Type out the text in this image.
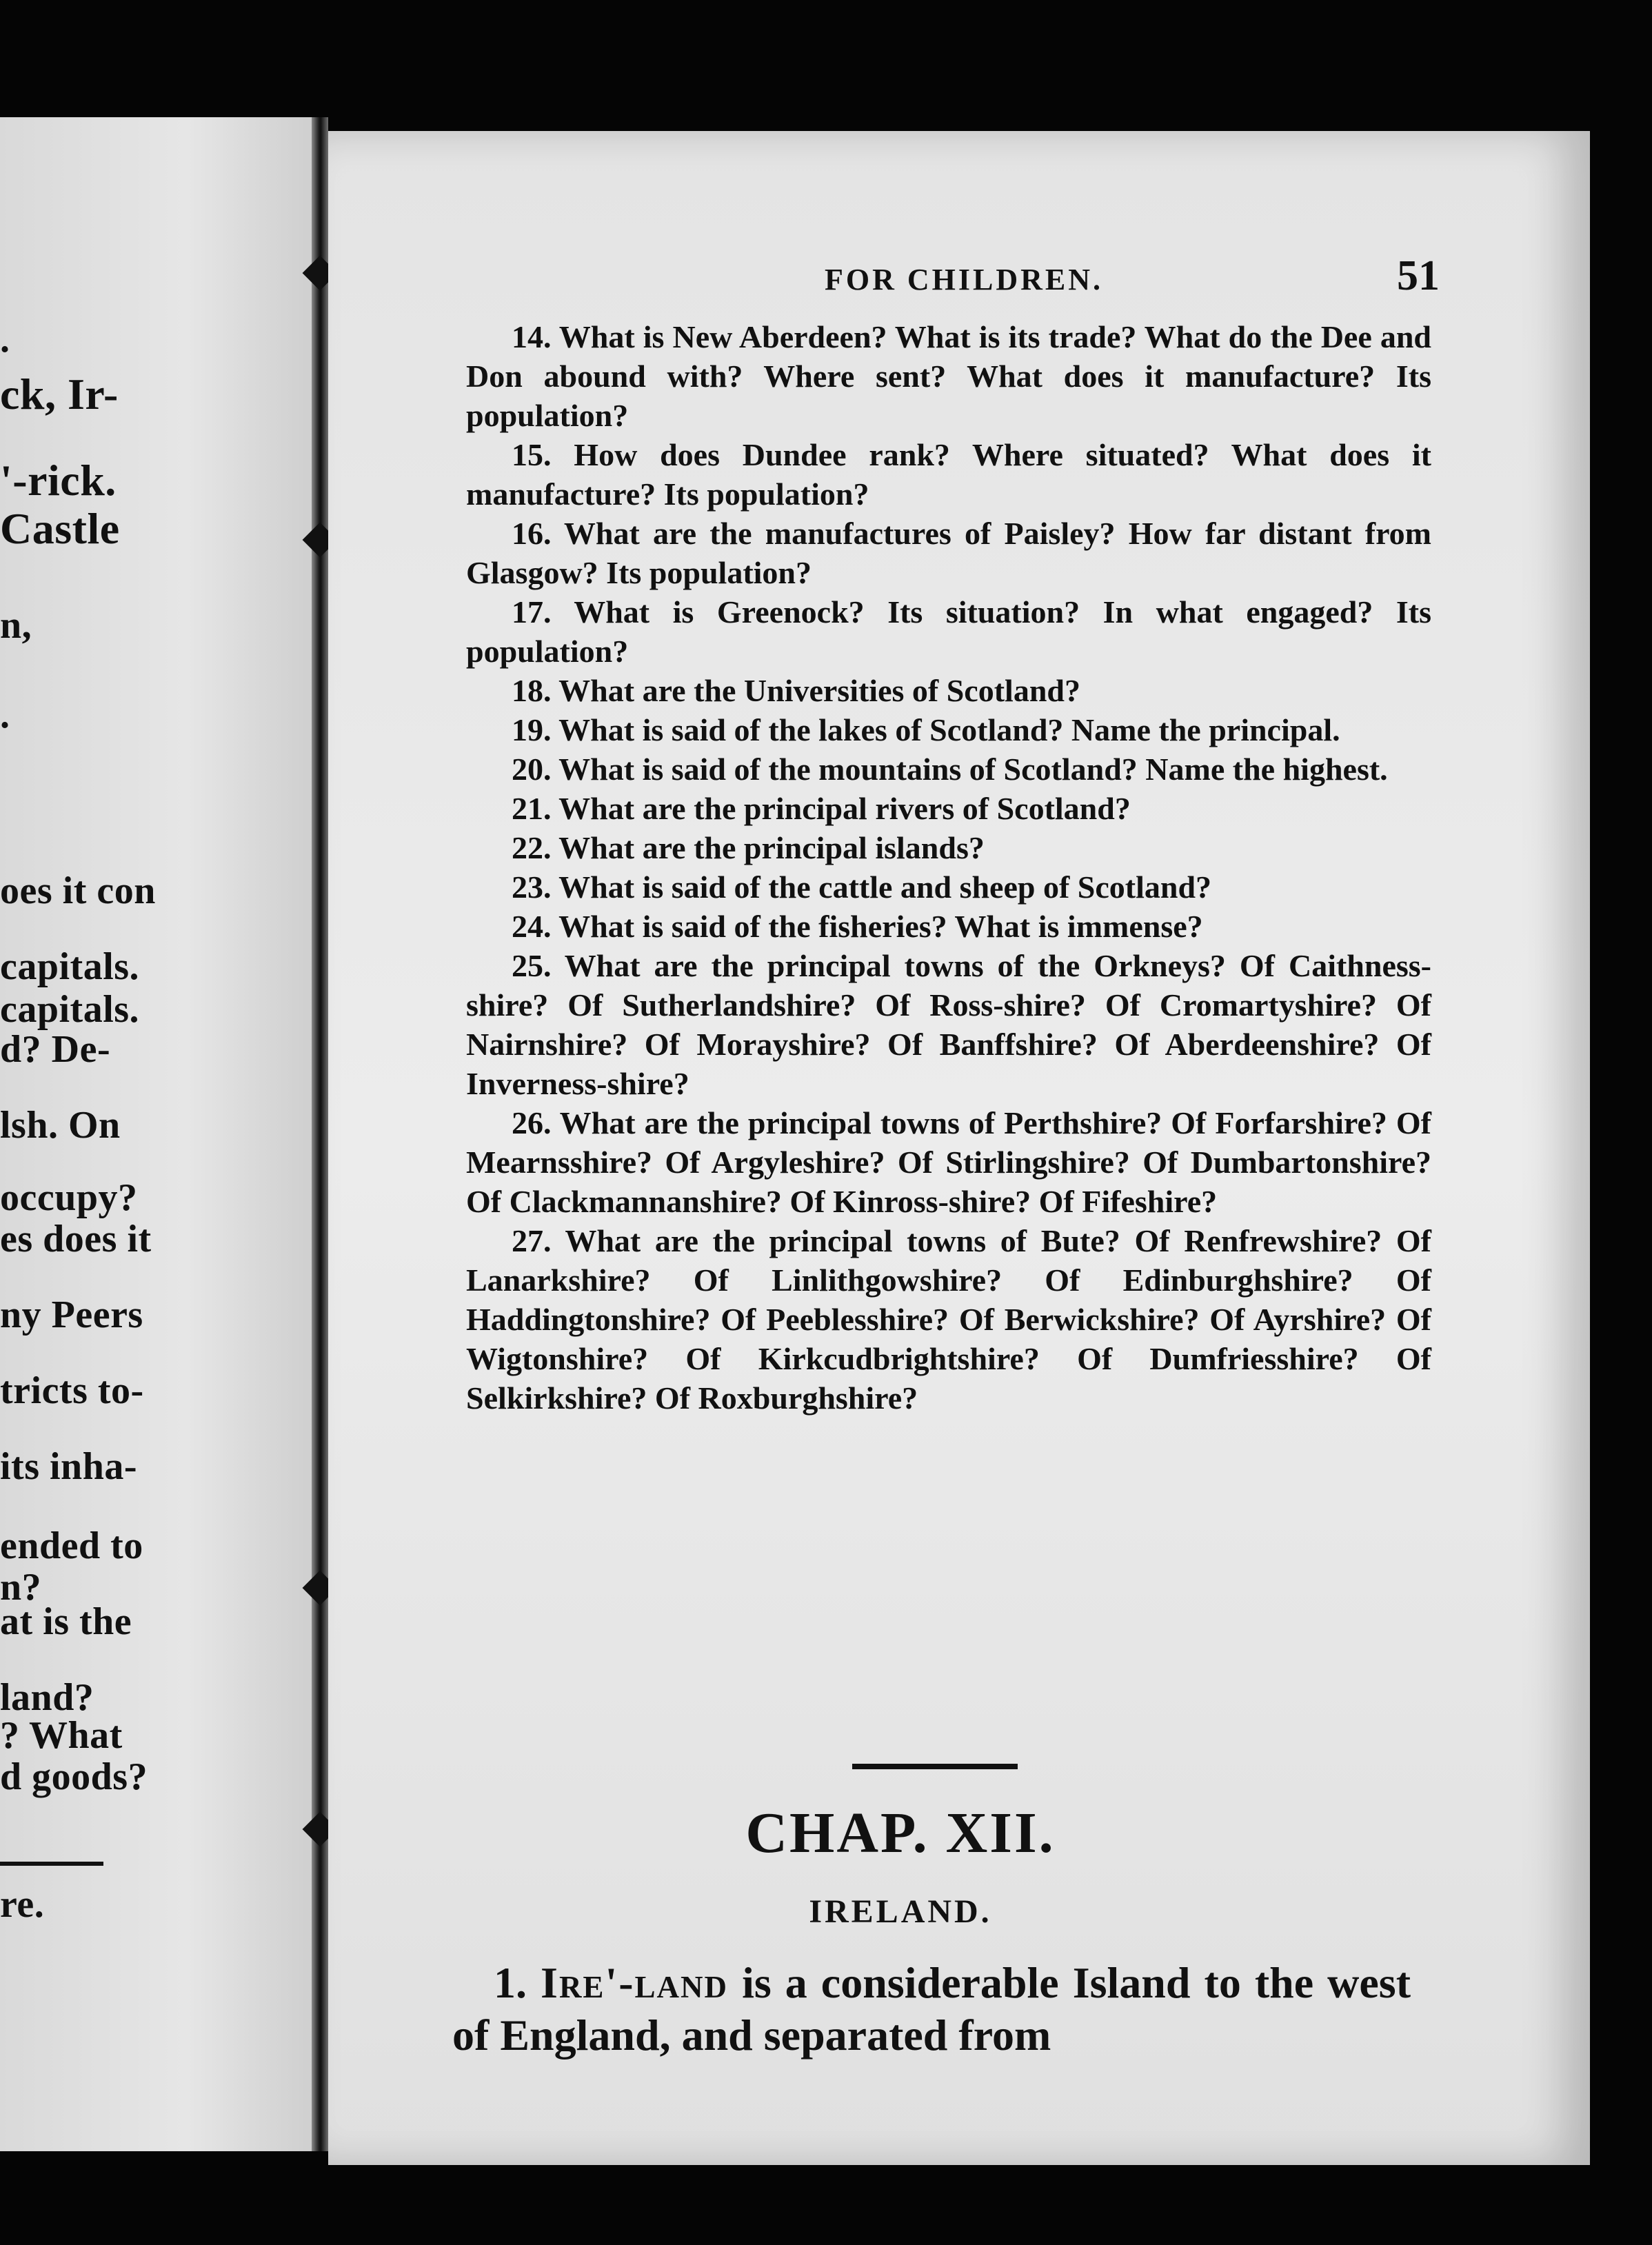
.
ck, Ir-
'-rick.
Castle
n,
.
oes it con
capitals.
capitals.
d? De-
lsh. On
occupy?
es does it
ny Peers
tricts to-
its inha-
ended to
n?
at is the
land?
? What
d goods?
re.
FOR CHILDREN.	51

14. What is New Aberdeen? What is its trade? What do the Dee and Don abound with? Where sent? What does it manufacture? Its population?

15. How does Dundee rank? Where situated? What does it manufacture? Its population?

16. What are the manufactures of Paisley? How far distant from Glasgow? Its population?

17. What is Greenock? Its situation? In what engaged? Its population?

18. What are the Universities of Scotland?

19. What is said of the lakes of Scotland? Name the principal.

20. What is said of the mountains of Scotland? Name the highest.

21. What are the principal rivers of Scotland?

22. What are the principal islands?

23. What is said of the cattle and sheep of Scotland?

24. What is said of the fisheries? What is immense?

25. What are the principal towns of the Orkneys? Of Caithness-shire? Of Sutherlandshire? Of Ross-shire? Of Cromartyshire? Of Nairnshire? Of Morayshire? Of Banffshire? Of Aberdeenshire? Of Inverness-shire?

26. What are the principal towns of Perthshire? Of Forfarshire? Of Mearnsshire? Of Argyleshire? Of Stirlingshire? Of Dumbartonshire? Of Clackmannanshire? Of Kinross-shire? Of Fifeshire?

27. What are the principal towns of Bute? Of Renfrewshire? Of Lanarkshire? Of Linlithgowshire? Of Edinburghshire? Of Haddingtonshire? Of Peeblesshire? Of Berwickshire? Of Ayrshire? Of Wigtonshire? Of Kirkcudbrightshire? Of Dumfriesshire? Of Selkirkshire? Of Roxburghshire?

CHAP. XII.
IRELAND.
1. Ire'-land is a considerable Island to the west of England, and separated from
